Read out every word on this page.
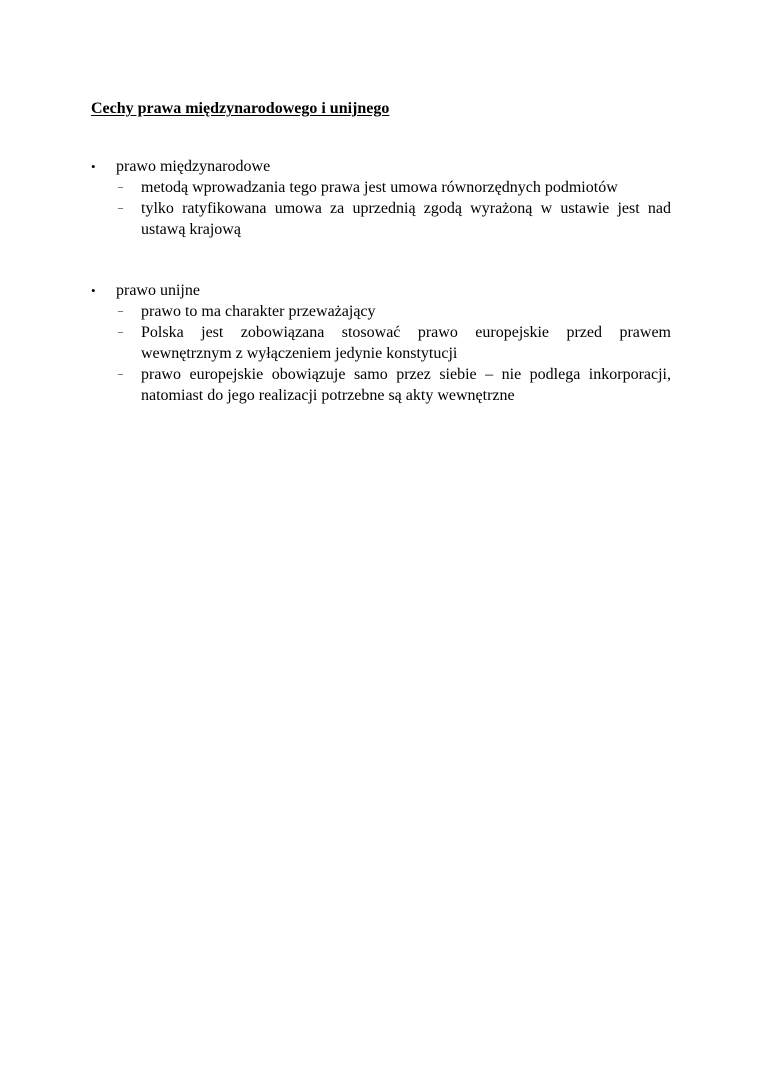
Cechy prawa międzynarodowego i unijnego
•	prawo międzynarodowe
– metodą wprowadzania tego prawa jest umowa równorzędnych podmiotów
– tylko ratyfikowana umowa za uprzednią zgodą wyrażoną w ustawie jest nad ustawą krajową
•	prawo unijne
– prawo to ma charakter przeważający
– Polska jest zobowiązana stosować prawo europejskie przed prawem wewnętrznym z wyłączeniem jedynie konstytucji
– prawo europejskie obowiązuje samo przez siebie – nie podlega inkorporacji, natomiast do jego realizacji potrzebne są akty wewnętrzne
